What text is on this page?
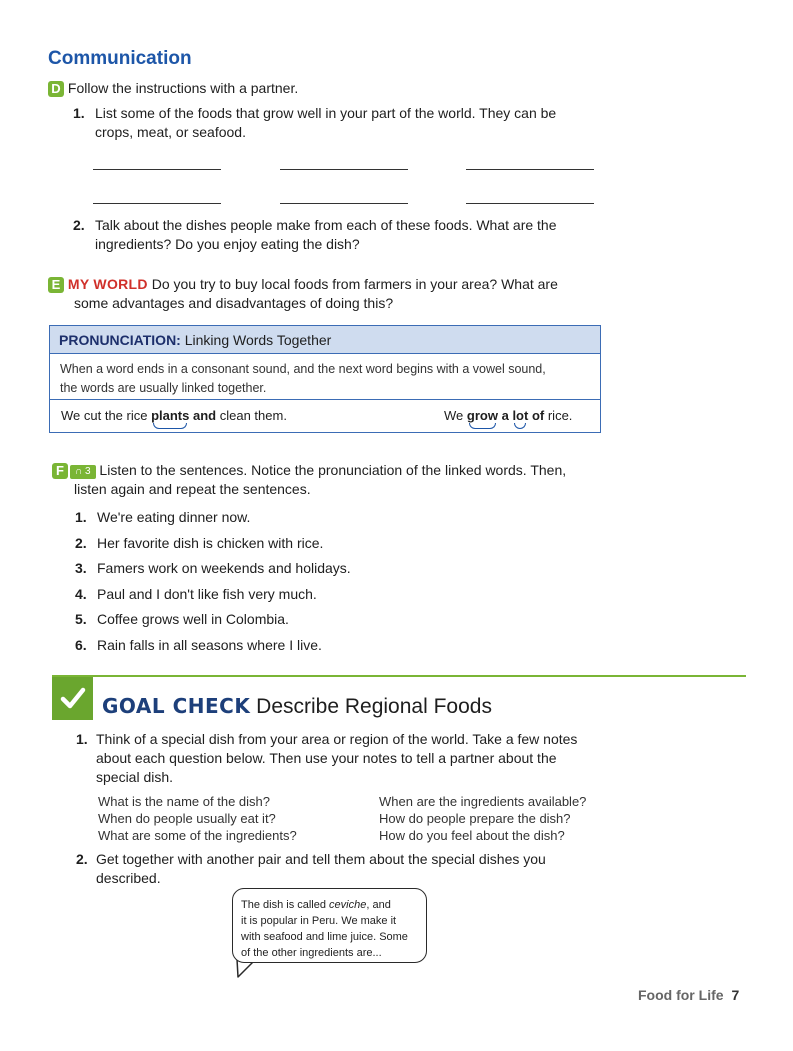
Communication
D Follow the instructions with a partner.
1. List some of the foods that grow well in your part of the world. They can be
crops, meat, or seafood.
2. Talk about the dishes people make from each of these foods. What are the
ingredients? Do you enjoy eating the dish?
E MY WORLD Do you try to buy local foods from farmers in your area? What are
some advantages and disadvantages of doing this?
PRONUNCIATION: Linking Words Together
When a word ends in a consonant sound, and the next word begins with a vowel sound,
the words are usually linked together.
We cut the rice plants and clean them.	We grow a lot of rice.
F ∩ 3 Listen to the sentences. Notice the pronunciation of the linked words. Then,
listen again and repeat the sentences.
1. We're eating dinner now.
2. Her favorite dish is chicken with rice.
3. Famers work on weekends and holidays.
4. Paul and I don't like fish very much.
5. Coffee grows well in Colombia.
6. Rain falls in all seasons where I live.
GOAL CHECK Describe Regional Foods
1. Think of a special dish from your area or region of the world. Take a few notes
about each question below. Then use your notes to tell a partner about the
special dish.
What is the name of the dish?
When do people usually eat it?
What are some of the ingredients?
When are the ingredients available?
How do people prepare the dish?
How do you feel about the dish?
2. Get together with another pair and tell them about the special dishes you
described.
The dish is called ceviche, and
it is popular in Peru. We make it
with seafood and lime juice. Some
of the other ingredients are...
Food for Life 7
